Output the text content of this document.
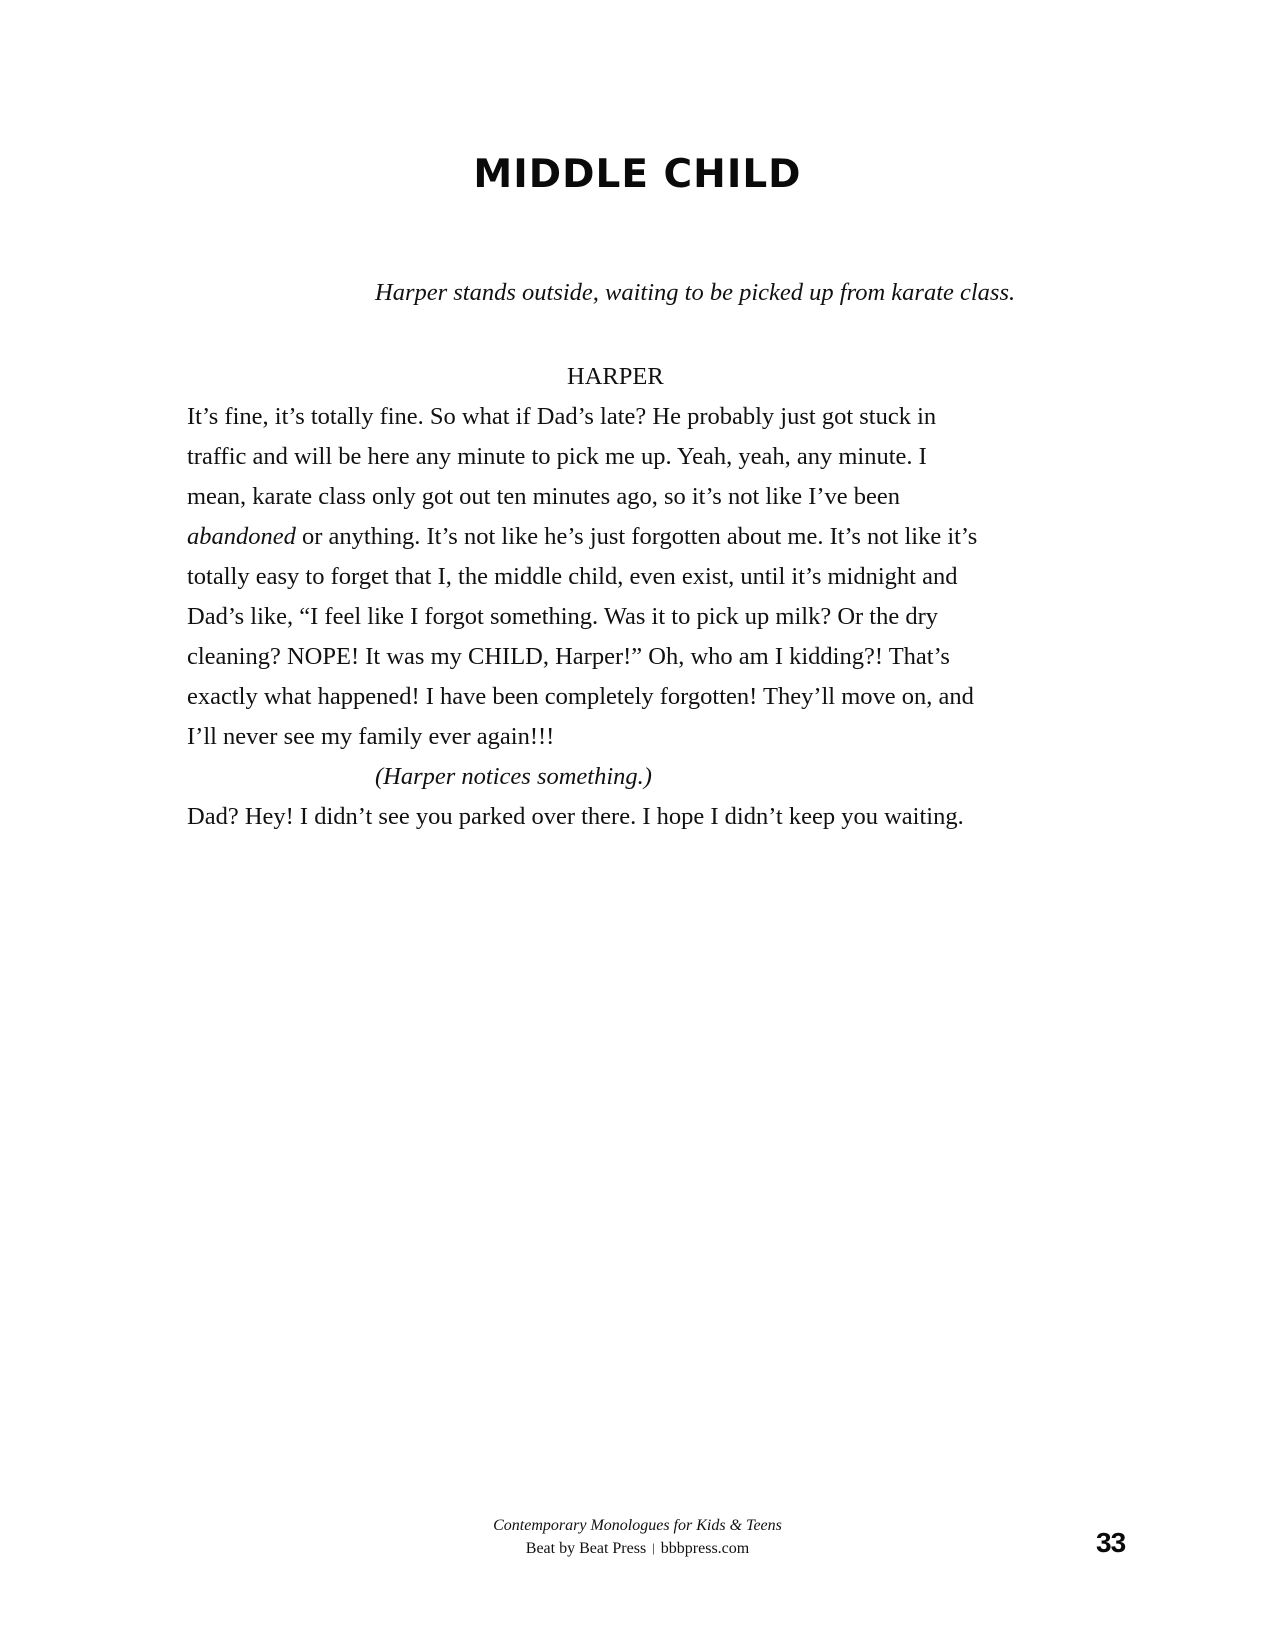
MIDDLE CHILD
Harper stands outside, waiting to be picked up from karate class.
HARPER
It’s fine, it’s totally fine. So what if Dad’s late? He probably just got stuck in
traffic and will be here any minute to pick me up. Yeah, yeah, any minute. I
mean, karate class only got out ten minutes ago, so it’s not like I’ve been
abandoned or anything. It’s not like he’s just forgotten about me. It’s not like it’s
totally easy to forget that I, the middle child, even exist, until it’s midnight and
Dad’s like, “I feel like I forgot something. Was it to pick up milk? Or the dry
cleaning? NOPE! It was my CHILD, Harper!” Oh, who am I kidding?! That’s
exactly what happened! I have been completely forgotten! They’ll move on, and
I’ll never see my family ever again!!!
(Harper notices something.)
Dad? Hey! I didn’t see you parked over there. I hope I didn’t keep you waiting.
Contemporary Monologues for Kids & Teens
Beat by Beat Press | bbbpress.com	33
